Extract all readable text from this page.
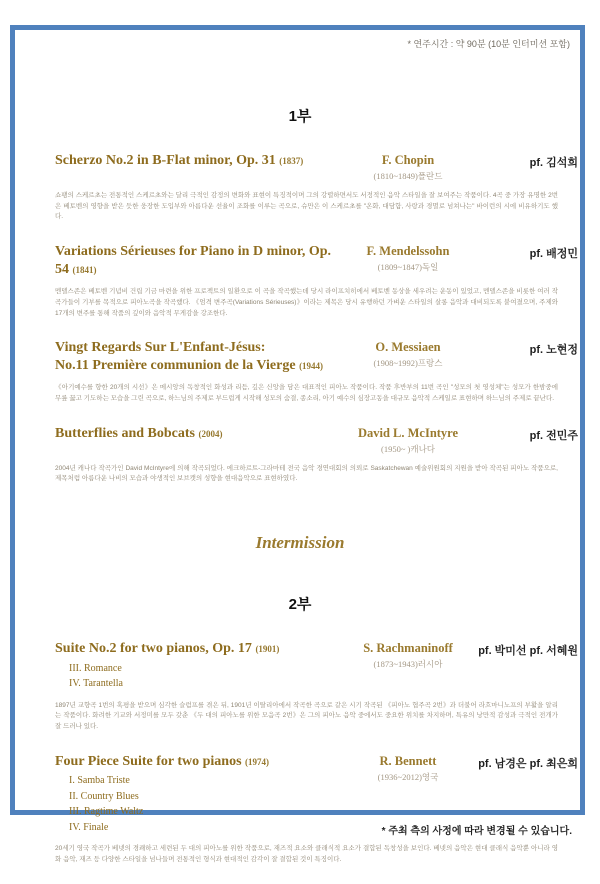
* 연주시간 : 약 90분 (10분 인터미션 포함)
1부
Scherzo No.2 in B-Flat minor, Op. 31 (1837)	F. Chopin
(1810~1849)폴란드
pf. 김석희

쇼팽의 스케르초는 전통적인 스케르초와는 달리 극적인 감정의 변화와 표현이 특징적이며 그의 강렬하면서도 서정적인 음악 스타일을 잘 보여주는 작품이다. 4곡 중 가장 유명한 2번은 베토벤의 영향을 받은 듯한 웅장한 도입부와 아름다운 선율이 조화를 이루는 곡으로, 슈만은 이 스케르초를 "온화, 대담함, 사랑과 경멸로 넘쳐나는" 바이런의 시에 비유하기도 했다.

Variations Sérieuses for Piano in D minor, Op. 54 (1841)
F. Mendelssohn
(1809~1847)독일
pf. 배정민

멘델스존은 베토벤 기념비 건립 기금 마련을 위한 프로젝트의 일환으로 이 곡을 작곡했는데 당시 라이프치히에서 베토벤 동상을 세우려는 운동이 있었고, 멘델스존을 비롯한 여러 작곡가들이 기부를 목적으로 피아노곡을 작곡했다. 《엄격 변주곡(Variations Sérieuses)》이라는 제목은 당시 유행하던 가벼운 스타일의 살롱 음악과 대비되도록 붙여졌으며, 주제와 17개의 변주를 통해 작품의 깊이와 음악적 무게감을 강조한다.

Vingt Regards Sur L'Enfant-Jésus:
No.11 Première communion de la Vierge (1944)
O. Messiaen
(1908~1992)프랑스
pf. 노현정

《아기예수를 향한 20개의 시선》은 메시앙의 독창적인 화성과 리듬, 깊은 신앙을 담은 대표적인 피아노 작품이다. 작품 후반부의 11번 곡인 "성모의 첫 영성체"는 성모가 한밤중에 무릎 꿇고 기도하는 모습을 그린 곡으로, 하느님의 주제로 부드럽게 시작해 성모의 숨결, 종소리, 아기 예수의 심장고동을 대규모 음악적 스케일로 표현하며 하느님의 주제로 끝난다.

Butterflies and Bobcats (2004)	David L. McIntyre
(1950~ )캐나다
pf. 전민주

2004년 캐나다 작곡가인 David McIntyre에 의해 작곡되었다. 에크하르트-그라마테 전국 음악 경연대회의 의뢰로 Saskatchewan 예술위원회의 지원을 받아 작곡된 피아노 작품으로, 제목처럼 아름다운 나비의 모습과 야생적인 보브캣의 성향을 현대음악으로 표현하였다.

Intermission
2부
Suite No.2 for two pianos, Op. 17 (1901)
III. Romance
IV. Tarantella
S. Rachmaninoff
(1873~1943)러시아
pf. 박미선 pf. 서혜원

1897년 교향곡 1번의 혹평을 받으며 심각한 슬럼프를 겪은 뒤, 1901년 이탈리아에서 작곡한 곡으로 같은 시기 작곡된 《피아노 협주곡 2번》과 더불어 라흐마니노프의 부활을 알리는 작품이다. 화려한 기교와 서정미를 모두 갖춘 《두 대의 피아노를 위한 모음곡 2번》은 그의 피아노 음악 중에서도 중요한 위치를 차지하며, 특유의 낭만적 감성과 극적인 전개가 잘 드러나 있다.

Four Piece Suite for two pianos (1974)
I. Samba Triste
II. Country Blues
III. Ragtime Waltz
IV. Finale
R. Bennett
(1936~2012)영국
pf. 남경은 pf. 최은희

20세기 영국 작곡가 베넷의 경쾌하고 세련된 두 대의 피아노를 위한 작품으로, 재즈적 요소와 클래식적 요소가 결합된 독창성을 보인다. 베넷의 음악은 현대 클래식 음악뿐 아니라 영화 음악, 재즈 등 다양한 스타일을 넘나들며 전통적인 형식과 현대적인 감각이 잘 결합된 것이 특징이다.

* 주최 측의 사정에 따라 변경될 수 있습니다.
